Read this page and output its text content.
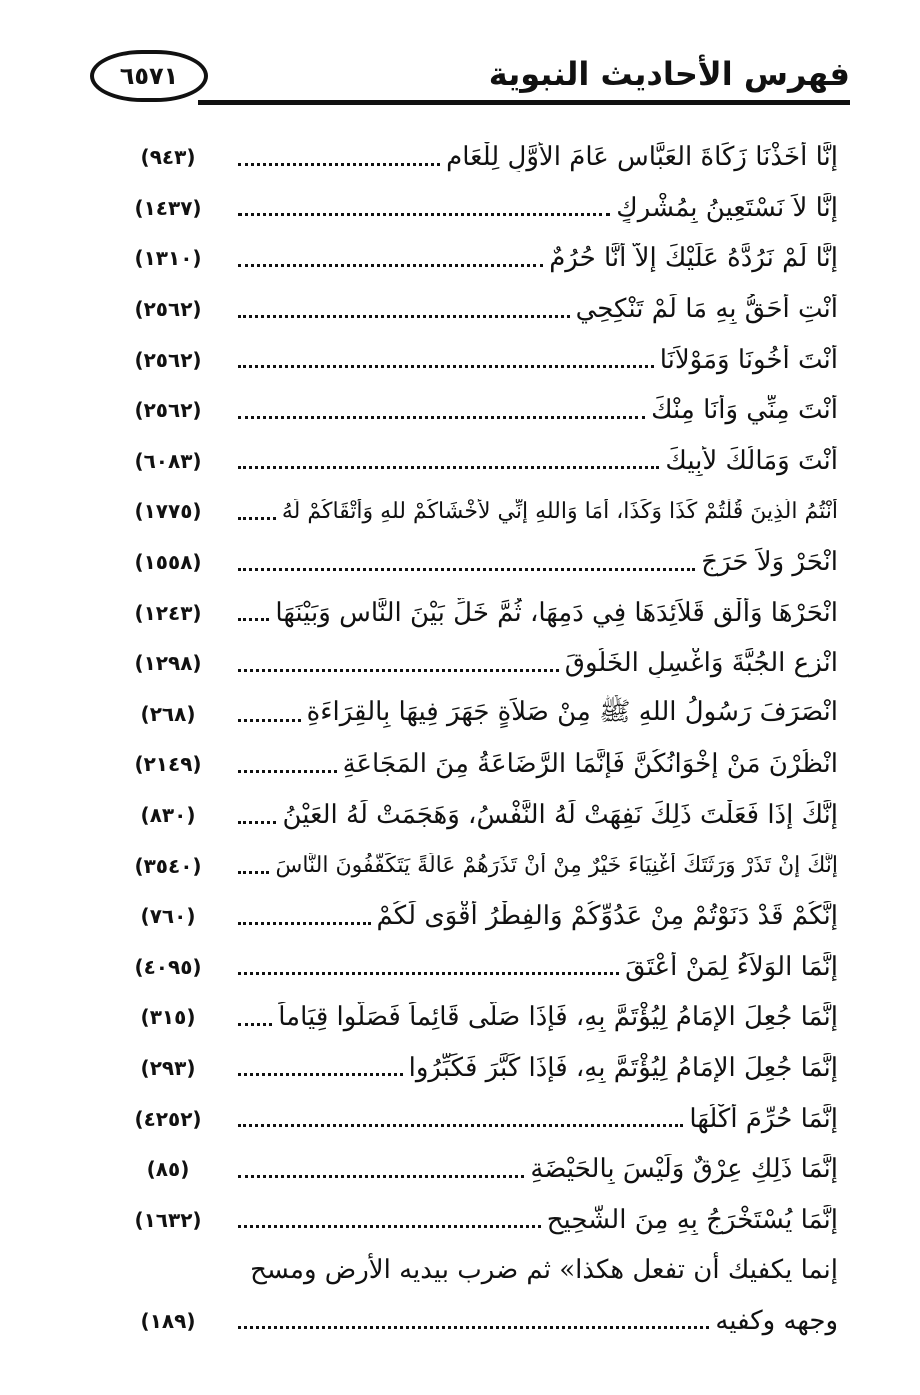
٦٥٧١	فهرس الأحاديث النبوية
(٩٤٣)	إِنَّا أَخَذْنَا زَكَاةَ العَبَّاسِ عَامَ الأَوَّلِ لِلْعَامِ
(١٤٣٧)	إِنَّا لاَ نَسْتَعِينُ بِمُشْرِكٍ
(١٣١٠)	إِنَّا لَمْ نَرُدَّهُ عَلَيْكَ إِلاَّ أَنَّا حُرُمٌ
(٢٥٦٢)	أَنْتِ أَحَقُّ بِهِ مَا لَمْ تَنْكِحِي
(٢٥٦٢)	أَنْتَ أَخُونَا وَمَوْلاَنَا
(٢٥٦٢)	أَنْتَ مِنِّي وَأَنَا مِنْكَ
(٦٠٨٣)	أَنْتَ وَمَالُكَ لأَبِيكَ
(١٧٧٥)	أَنْتُمُ الَّذِينَ قُلْتُمْ كَذَا وَكَذَا، أَمَا وَاللهِ إِنِّي لأَخْشَاكُمْ للهِ وَأَتْقَاكُمْ لَهُ
(١٥٥٨)	انْحَرْ وَلاَ حَرَجَ
(١٢٤٣)	انْحَرْهَا وَأَلْقِ قَلاَئِدَهَا فِي دَمِهَا، ثُمَّ خَلِّ بَيْنَ النَّاسِ وَبَيْنَهَا
(١٢٩٨)	انْزِعِ الجُبَّةَ وَاغْسِلِ الخَلُوقَ
(٢٦٨)	انْصَرَفَ رَسُولُ اللهِ ﷺ مِنْ صَلاَةٍ جَهَرَ فِيهَا بِالقِرَاءَةِ
(٢١٤٩)	انْظُرْنَ مَنْ إِخْوَانُكُنَّ فَإِنَّمَا الرَّضَاعَةُ مِنَ المَجَاعَةِ
(٨٣٠)	إِنَّكَ إِذَا فَعَلْتَ ذَلِكَ نَفِهَتْ لَهُ النَّفْسُ، وَهَجَمَتْ لَهُ العَيْنُ
(٣٥٤٠)	إِنَّكَ إِنْ تَذَرْ وَرَثَتَكَ أَغْنِيَاءَ خَيْرٌ مِنْ أَنْ تَذَرَهُمْ عَالَةً يَتَكَفَّفُونَ النَّاسَ
(٧٦٠)	إِنَّكُمْ قَدْ دَنَوْتُمْ مِنْ عَدُوِّكُمْ وَالفِطْرُ أَقْوَى لَكُمْ
(٤٠٩٥)	إِنَّمَا الوَلاَءُ لِمَنْ أَعْتَقَ
(٣١٥)	إِنَّمَا جُعِلَ الإِمَامُ لِيُؤْتَمَّ بِهِ، فَإِذَا صَلَّى قَائِماً فَصَلُّوا قِيَاماً
(٢٩٣)	إِنَّمَا جُعِلَ الإِمَامُ لِيُؤْتَمَّ بِهِ، فَإِذَا كَبَّرَ فَكَبِّرُوا
(٤٢٥٢)	إِنَّمَا حُرِّمَ أَكْلُهَا
(٨٥)	إِنَّمَا ذَلِكِ عِرْقٌ وَلَيْسَ بِالحَيْضَةِ
(١٦٣٢)	إِنَّمَا يُسْتَخْرَجُ بِهِ مِنَ الشَّحِيحِ
إنما يكفيك أن تفعل هكذا» ثم ضرب بيديه الأرض ومسح
(١٨٩)	وجهه وكفيه
